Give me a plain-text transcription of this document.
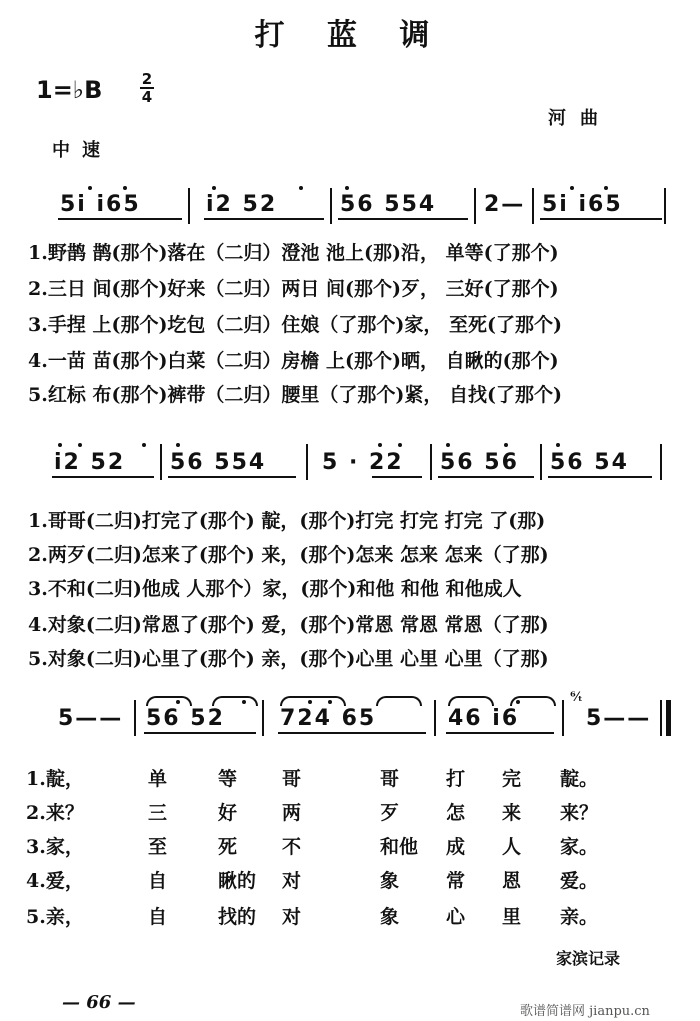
打 蓝 调
1=♭B	2
4
河曲
中速
5i i65	i2 52	56 554 2— 5i i65
1.野鹊 鹊(那个)落在（二归）澄池 池上(那)沿， 单等(了那个)
2.三日 间(那个)好来（二归）两日 间(那个)歹， 三好(了那个)
3.手捏 上(那个)圪包（二归）住娘（了那个)家， 至死(了那个)
4.一苗 苗(那个)白菜（二归）房檐 上(那个)晒， 自瞅的(那个)
5.红标 布(那个)裤带（二归）腰里（了那个)紧， 自找(了那个)
i2 52 56 554	5 · 22 56 56 56 54
1.哥哥(二归)打完了(那个) 靛，(那个)打完 打完 打完 了(那)
2.两歹(二归)怎来了(那个) 来，(那个)怎来 怎来 怎来（了那)
3.不和(二归)他成 人那个）家，(那个)和他 和他 和他成人
4.对象(二归)常恩了(那个) 爱，(那个)常恩 常恩 常恩（了那)
5.对象(二归)心里了(那个) 亲，(那个)心里 心里 心里（了那)
5—— 56 52	724 65	46 i6
⁶⁄ₜ
5——
1.靛，	单	等 哥	哥 打 完 靛。
2.来？	三	好 两	歹 怎 来 来？
3.家，	至	死 不	和他 成 人 家。
4.爱，	自	瞅的 对	象 常 恩 爱。
5.亲，	自	找的 对	象 心 里 亲。
家滨记录
— 66 —	歌谱简谱网 jianpu.cn
